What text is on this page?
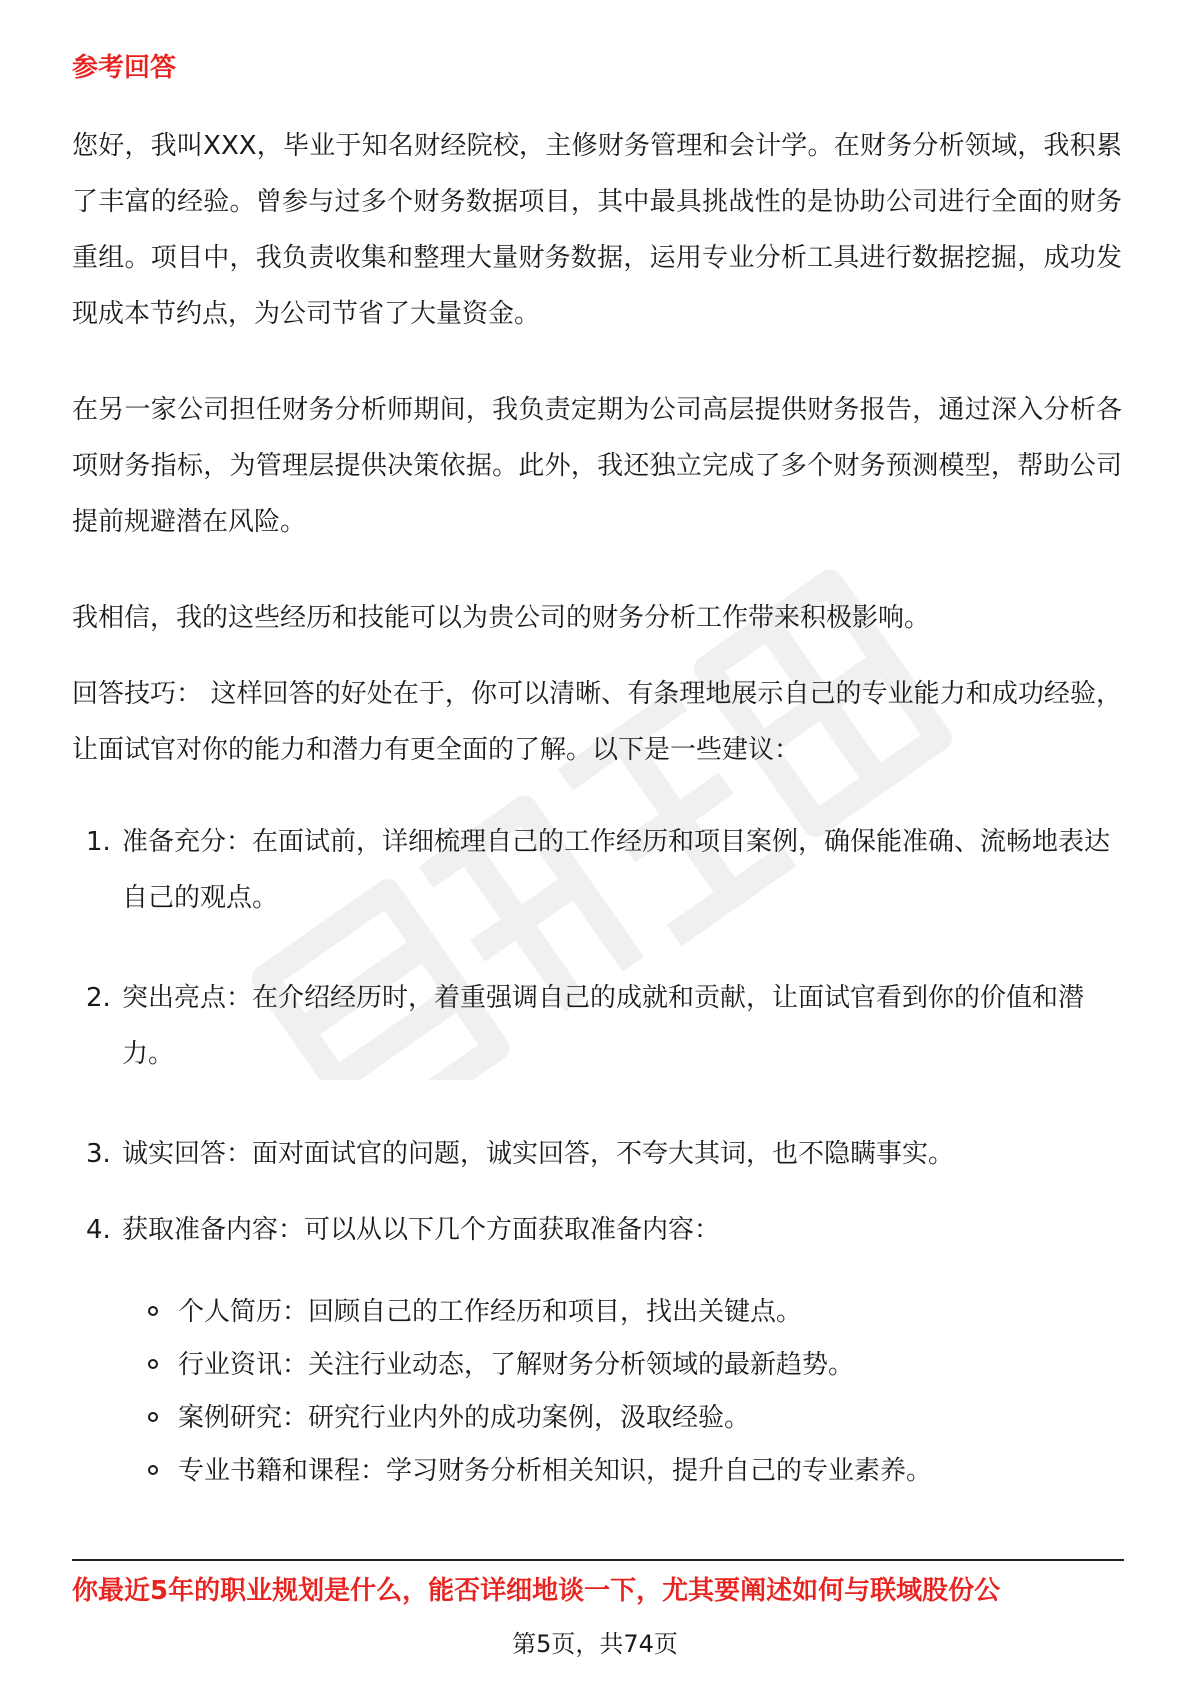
参考回答

您好，我叫XXX，毕业于知名财经院校，主修财务管理和会计学。在财务分析领域，我积累了丰富的经验。曾参与过多个财务数据项目，其中最具挑战性的是协助公司进行全面的财务重组。项目中，我负责收集和整理大量财务数据，运用专业分析工具进行数据挖掘，成功发现成本节约点，为公司节省了大量资金。

在另一家公司担任财务分析师期间，我负责定期为公司高层提供财务报告，通过深入分析各项财务指标，为管理层提供决策依据。此外，我还独立完成了多个财务预测模型，帮助公司提前规避潜在风险。

我相信，我的这些经历和技能可以为贵公司的财务分析工作带来积极影响。

回答技巧： 这样回答的好处在于，你可以清晰、有条理地展示自己的专业能力和成功经验，让面试官对你的能力和潜力有更全面的了解。以下是一些建议：

1. 准备充分：在面试前，详细梳理自己的工作经历和项目案例，确保能准确、流畅地表达自己的观点。
2. 突出亮点：在介绍经历时，着重强调自己的成就和贡献，让面试官看到你的价值和潜力。
3. 诚实回答：面对面试官的问题，诚实回答，不夸大其词，也不隐瞒事实。
4. 获取准备内容：可以从以下几个方面获取准备内容：
个人简历：回顾自己的工作经历和项目，找出关键点。
行业资讯：关注行业动态，了解财务分析领域的最新趋势。
案例研究：研究行业内外的成功案例，汲取经验。
专业书籍和课程：学习财务分析相关知识，提升自己的专业素养。

你最近5年的职业规划是什么，能否详细地谈一下，尤其要阐述如何与联域股份公

第5页，共74页
